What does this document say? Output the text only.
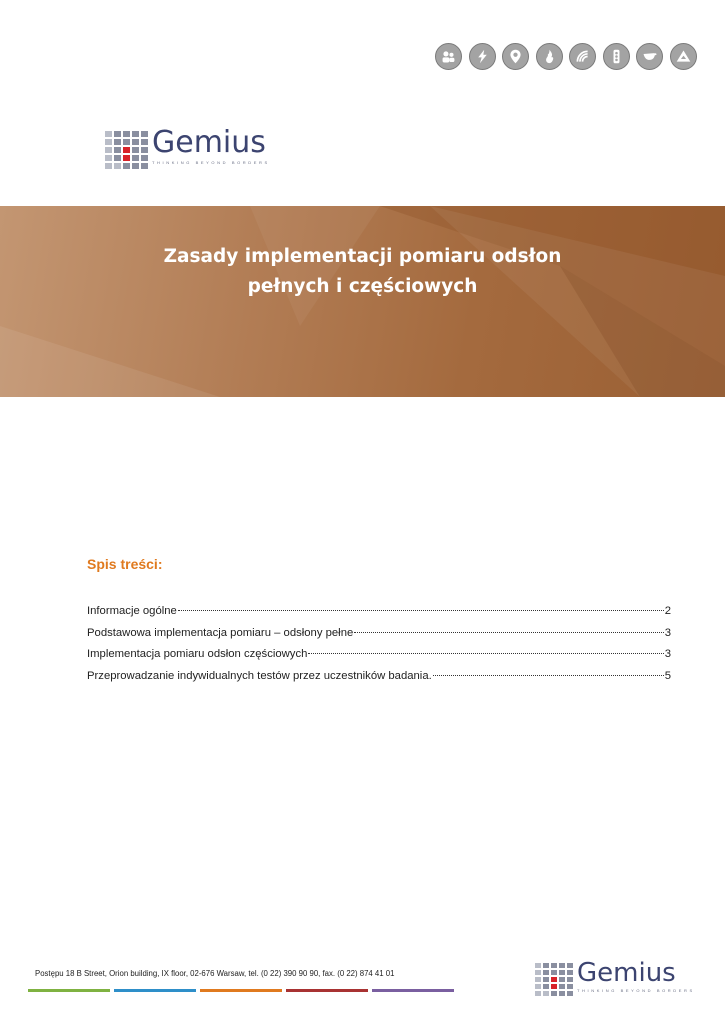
Gemius
THINKING BEYOND BORDERS
Zasady implementacji pomiaru odsłon
pełnych i częściowych
Spis treści:
Informacje ogólne	2
Podstawowa implementacja pomiaru – odsłony pełne	3
Implementacja pomiaru odsłon częściowych	3
Przeprowadzanie indywidualnych testów przez uczestników badania.	5
Postępu 18 B Street, Orion building, IX floor, 02-676 Warsaw, tel. (0 22) 390 90 90, fax. (0 22) 874 41 01	Gemius
THINKING BEYOND BORDERS
